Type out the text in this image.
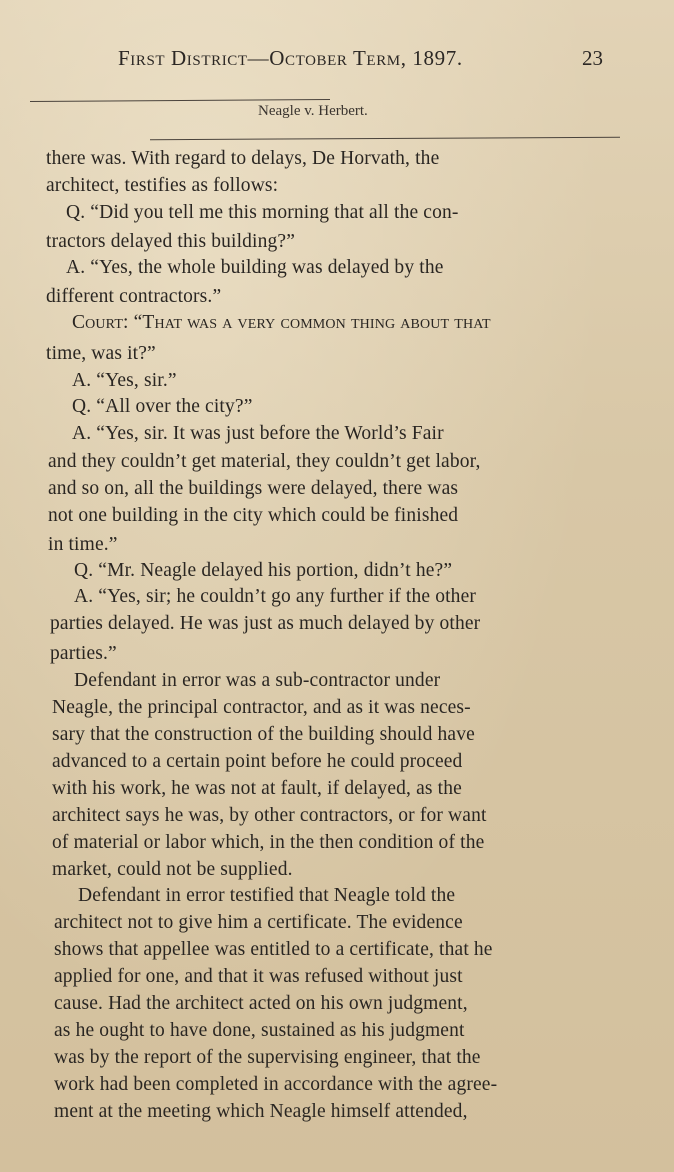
First District—October Term, 1897.	23
Neagle v. Herbert.
there was. With regard to delays, De Horvath, the
architect, testifies as follows:
Q. “Did you tell me this morning that all the con-
tractors delayed this building?”
A. “Yes, the whole building was delayed by the
different contractors.”
Court: “That was a very common thing about that
time, was it?”
A. “Yes, sir.”
Q. “All over the city?”
A. “Yes, sir. It was just before the World’s Fair
and they couldn’t get material, they couldn’t get labor,
and so on, all the buildings were delayed, there was
not one building in the city which could be finished
in time.”
Q. “Mr. Neagle delayed his portion, didn’t he?”
A. “Yes, sir; he couldn’t go any further if the other
parties delayed. He was just as much delayed by other
parties.”
Defendant in error was a sub-contractor under
Neagle, the principal contractor, and as it was neces-
sary that the construction of the building should have
advanced to a certain point before he could proceed
with his work, he was not at fault, if delayed, as the
architect says he was, by other contractors, or for want
of material or labor which, in the then condition of the
market, could not be supplied.
Defendant in error testified that Neagle told the
architect not to give him a certificate. The evidence
shows that appellee was entitled to a certificate, that he
applied for one, and that it was refused without just
cause. Had the architect acted on his own judgment,
as he ought to have done, sustained as his judgment
was by the report of the supervising engineer, that the
work had been completed in accordance with the agree-
ment at the meeting which Neagle himself attended,
